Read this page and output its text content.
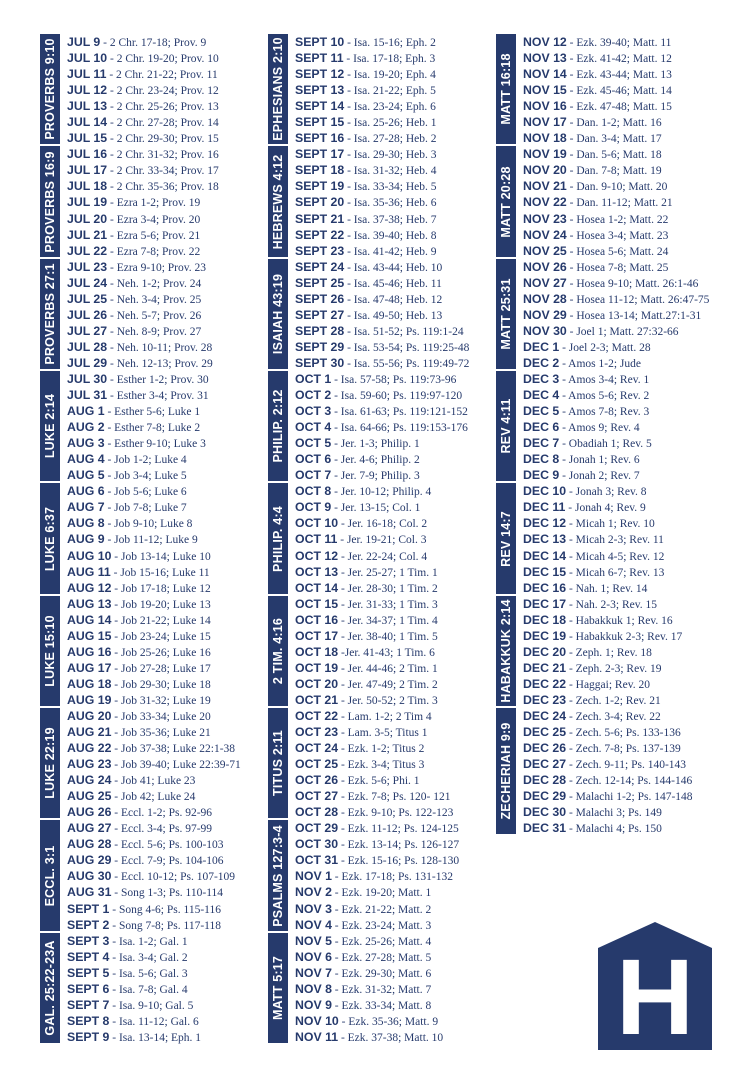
PROVERBS 9:10
PROVERBS 16:9
PROVERBS 27:1
LUKE 2:14
LUKE 6:37
LUKE 15:10
LUKE 22:19
ECCL. 3:1
GAL. 25:22-23A
JUL 9 - 2 Chr. 17-18; Prov. 9
JUL 10 - 2 Chr. 19-20; Prov. 10
JUL 11 - 2 Chr. 21-22; Prov. 11
JUL 12 - 2 Chr. 23-24; Prov. 12
JUL 13 - 2 Chr. 25-26; Prov. 13
JUL 14 - 2 Chr. 27-28; Prov. 14
JUL 15 - 2 Chr. 29-30; Prov. 15
JUL 16 - 2 Chr. 31-32; Prov. 16
JUL 17 - 2 Chr. 33-34; Prov. 17
JUL 18 - 2 Chr. 35-36; Prov. 18
JUL 19 - Ezra 1-2; Prov. 19
JUL 20 - Ezra 3-4; Prov. 20
JUL 21 - Ezra 5-6; Prov. 21
JUL 22 - Ezra 7-8; Prov. 22
JUL 23 - Ezra 9-10; Prov. 23
JUL 24 - Neh. 1-2; Prov. 24
JUL 25 - Neh. 3-4; Prov. 25
JUL 26 - Neh. 5-7; Prov. 26
JUL 27 - Neh. 8-9; Prov. 27
JUL 28 - Neh. 10-11; Prov. 28
JUL 29 - Neh. 12-13; Prov. 29
JUL 30 - Esther 1-2; Prov. 30
JUL 31 - Esther 3-4; Prov. 31
AUG 1 - Esther 5-6; Luke 1
AUG 2 - Esther 7-8; Luke 2
AUG 3 - Esther 9-10; Luke 3
AUG 4 - Job 1-2; Luke 4
AUG 5 - Job 3-4; Luke 5
AUG 6 - Job 5-6; Luke 6
AUG 7 - Job 7-8; Luke 7
AUG 8 - Job 9-10; Luke 8
AUG 9 - Job 11-12; Luke 9
AUG 10 - Job 13-14; Luke 10
AUG 11 - Job 15-16; Luke 11
AUG 12 - Job 17-18; Luke 12
AUG 13 - Job 19-20; Luke 13
AUG 14 - Job 21-22; Luke 14
AUG 15 - Job 23-24; Luke 15
AUG 16 - Job 25-26; Luke 16
AUG 17 - Job 27-28; Luke 17
AUG 18 - Job 29-30; Luke 18
AUG 19 - Job 31-32; Luke 19
AUG 20 - Job 33-34; Luke 20
AUG 21 - Job 35-36; Luke 21
AUG 22 - Job 37-38; Luke 22:1-38
AUG 23 - Job 39-40; Luke 22:39-71
AUG 24 - Job 41; Luke 23
AUG 25 - Job 42; Luke 24
AUG 26 - Eccl. 1-2; Ps. 92-96
AUG 27 - Eccl. 3-4; Ps. 97-99
AUG 28 - Eccl. 5-6; Ps. 100-103
AUG 29 - Eccl. 7-9; Ps. 104-106
AUG 30 - Eccl. 10-12; Ps. 107-109
AUG 31 - Song 1-3; Ps. 110-114
SEPT 1 - Song 4-6; Ps. 115-116
SEPT 2 - Song 7-8; Ps. 117-118
SEPT 3 - Isa. 1-2; Gal. 1
SEPT 4 - Isa. 3-4; Gal. 2
SEPT 5 - Isa. 5-6; Gal. 3
SEPT 6 - Isa. 7-8; Gal. 4
SEPT 7 - Isa. 9-10; Gal. 5
SEPT 8 - Isa. 11-12; Gal. 6
SEPT 9 - Isa. 13-14; Eph. 1
EPHESIANS 2:10
HEBREWS 4:12
ISAIAH 43:19
PHILIP. 2:12
PHILIP. 4:4
2 TIM. 4:16
TITUS 2:11
PSALMS 127:3-4
MATT 5:17
SEPT 10 - Isa. 15-16; Eph. 2
SEPT 11 - Isa. 17-18; Eph. 3
SEPT 12 - Isa. 19-20; Eph. 4
SEPT 13 - Isa. 21-22; Eph. 5
SEPT 14 - Isa. 23-24; Eph. 6
SEPT 15 - Isa. 25-26; Heb. 1
SEPT 16 - Isa. 27-28; Heb. 2
SEPT 17 - Isa. 29-30; Heb. 3
SEPT 18 - Isa. 31-32; Heb. 4
SEPT 19 - Isa. 33-34; Heb. 5
SEPT 20 - Isa. 35-36; Heb. 6
SEPT 21 - Isa. 37-38; Heb. 7
SEPT 22 - Isa. 39-40; Heb. 8
SEPT 23 - Isa. 41-42; Heb. 9
SEPT 24 - Isa. 43-44; Heb. 10
SEPT 25 - Isa. 45-46; Heb. 11
SEPT 26 - Isa. 47-48; Heb. 12
SEPT 27 - Isa. 49-50; Heb. 13
SEPT 28 - Isa. 51-52; Ps. 119:1-24
SEPT 29 - Isa. 53-54; Ps. 119:25-48
SEPT 30 - Isa. 55-56; Ps. 119:49-72
OCT 1 - Isa. 57-58; Ps. 119:73-96
OCT 2 - Isa. 59-60; Ps. 119:97-120
OCT 3 - Isa. 61-63; Ps. 119:121-152
OCT 4 - Isa. 64-66; Ps. 119:153-176
OCT 5 - Jer. 1-3; Philip. 1
OCT 6 - Jer. 4-6; Philip. 2
OCT 7 - Jer. 7-9; Philip. 3
OCT 8 - Jer. 10-12; Philip. 4
OCT 9 - Jer. 13-15; Col. 1
OCT 10 - Jer. 16-18; Col. 2
OCT 11 - Jer. 19-21; Col. 3
OCT 12 - Jer. 22-24; Col. 4
OCT 13 - Jer. 25-27; 1 Tim. 1
OCT 14 - Jer. 28-30; 1 Tim. 2
OCT 15 - Jer. 31-33; 1 Tim. 3
OCT 16 - Jer. 34-37; 1 Tim. 4
OCT 17 - Jer. 38-40; 1 Tim. 5
OCT 18 -Jer. 41-43; 1 Tim. 6
OCT 19 - Jer. 44-46; 2 Tim. 1
OCT 20 - Jer. 47-49; 2 Tim. 2
OCT 21 - Jer. 50-52; 2 Tim. 3
OCT 22 - Lam. 1-2; 2 Tim 4
OCT 23 - Lam. 3-5; Titus 1
OCT 24 - Ezk. 1-2; Titus 2
OCT 25 - Ezk. 3-4; Titus 3
OCT 26 - Ezk. 5-6; Phi. 1
OCT 27 - Ezk. 7-8; Ps. 120- 121
OCT 28 - Ezk. 9-10; Ps. 122-123
OCT 29 - Ezk. 11-12; Ps. 124-125
OCT 30 - Ezk. 13-14; Ps. 126-127
OCT 31 - Ezk. 15-16; Ps. 128-130
NOV 1 - Ezk. 17-18; Ps. 131-132
NOV 2 - Ezk. 19-20; Matt. 1
NOV 3 - Ezk. 21-22; Matt. 2
NOV 4 - Ezk. 23-24; Matt. 3
NOV 5 - Ezk. 25-26; Matt. 4
NOV 6 - Ezk. 27-28; Matt. 5
NOV 7 - Ezk. 29-30; Matt. 6
NOV 8 - Ezk. 31-32; Matt. 7
NOV 9 - Ezk. 33-34; Matt. 8
NOV 10 - Ezk. 35-36; Matt. 9
NOV 11 - Ezk. 37-38; Matt. 10
MATT 16:18
MATT 20:28
MATT 25:31
REV 4:11
REV 14:7
HABAKKUK 2:14
ZECHERIAH 9:9
NOV 12 - Ezk. 39-40; Matt. 11
NOV 13 - Ezk. 41-42; Matt. 12
NOV 14 - Ezk. 43-44; Matt. 13
NOV 15 - Ezk. 45-46; Matt. 14
NOV 16 - Ezk. 47-48; Matt. 15
NOV 17 - Dan. 1-2; Matt. 16
NOV 18 - Dan. 3-4; Matt. 17
NOV 19 - Dan. 5-6; Matt. 18
NOV 20 - Dan. 7-8; Matt. 19
NOV 21 - Dan. 9-10; Matt. 20
NOV 22 - Dan. 11-12; Matt. 21
NOV 23 - Hosea 1-2; Matt. 22
NOV 24 - Hosea 3-4; Matt. 23
NOV 25 - Hosea 5-6; Matt. 24
NOV 26 - Hosea 7-8; Matt. 25
NOV 27 - Hosea 9-10; Matt. 26:1-46
NOV 28 - Hosea 11-12; Matt. 26:47-75
NOV 29 - Hosea 13-14; Matt.27:1-31
NOV 30 - Joel 1; Matt. 27:32-66
DEC 1 - Joel 2-3; Matt. 28
DEC 2 - Amos 1-2; Jude
DEC 3 - Amos 3-4; Rev. 1
DEC 4 - Amos 5-6; Rev. 2
DEC 5 - Amos 7-8; Rev. 3
DEC 6 - Amos 9; Rev. 4
DEC 7 - Obadiah 1; Rev. 5
DEC 8 - Jonah 1; Rev. 6
DEC 9 - Jonah 2; Rev. 7
DEC 10 - Jonah 3; Rev. 8
DEC 11 - Jonah 4; Rev. 9
DEC 12 - Micah 1; Rev. 10
DEC 13 - Micah 2-3; Rev. 11
DEC 14 - Micah 4-5; Rev. 12
DEC 15 - Micah 6-7; Rev. 13
DEC 16 - Nah. 1; Rev. 14
DEC 17 - Nah. 2-3; Rev. 15
DEC 18 - Habakkuk 1; Rev. 16
DEC 19 - Habakkuk 2-3; Rev. 17
DEC 20 - Zeph. 1; Rev. 18
DEC 21 - Zeph. 2-3; Rev. 19
DEC 22 - Haggai; Rev. 20
DEC 23 - Zech. 1-2; Rev. 21
DEC 24 - Zech. 3-4; Rev. 22
DEC 25 - Zech. 5-6; Ps. 133-136
DEC 26 - Zech. 7-8; Ps. 137-139
DEC 27 - Zech. 9-11; Ps. 140-143
DEC 28 - Zech. 12-14; Ps. 144-146
DEC 29 - Malachi 1-2; Ps. 147-148
DEC 30 - Malachi 3; Ps. 149
DEC 31 - Malachi 4; Ps. 150
H
